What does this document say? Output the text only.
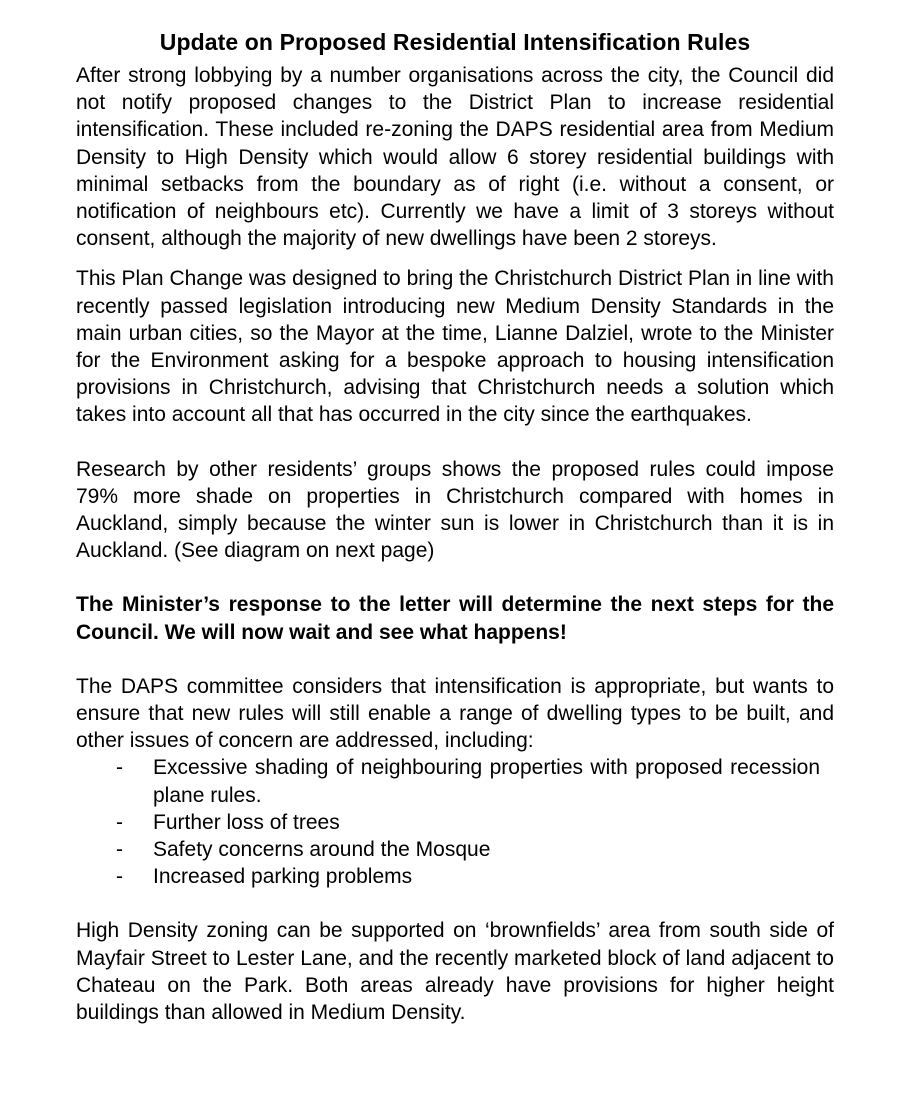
Update on Proposed Residential Intensification Rules

After strong lobbying by a number organisations across the city, the Council did not notify proposed changes to the District Plan to increase residential intensification. These included re-zoning the DAPS residential area from Medium Density to High Density which would allow 6 storey residential buildings with minimal setbacks from the boundary as of right (i.e. without a consent, or notification of neighbours etc). Currently we have a limit of 3 storeys without consent, although the majority of new dwellings have been 2 storeys.

This Plan Change was designed to bring the Christchurch District Plan in line with recently passed legislation introducing new Medium Density Standards in the main urban cities, so the Mayor at the time, Lianne Dalziel, wrote to the Minister for the Environment asking for a bespoke approach to housing intensification provisions in Christchurch, advising that Christchurch needs a solution which takes into account all that has occurred in the city since the earthquakes.

Research by other residents’ groups shows the proposed rules could impose 79% more shade on properties in Christchurch compared with homes in Auckland, simply because the winter sun is lower in Christchurch than it is in Auckland. (See diagram on next page)

The Minister’s response to the letter will determine the next steps for the Council. We will now wait and see what happens!

The DAPS committee considers that intensification is appropriate, but wants to ensure that new rules will still enable a range of dwelling types to be built, and other issues of concern are addressed, including:

- Excessive shading of neighbouring properties with proposed recession plane rules.
- Further loss of trees
- Safety concerns around the Mosque
- Increased parking problems

High Density zoning can be supported on ‘brownfields’ area from south side of Mayfair Street to Lester Lane, and the recently marketed block of land adjacent to Chateau on the Park. Both areas already have provisions for higher height buildings than allowed in Medium Density.
